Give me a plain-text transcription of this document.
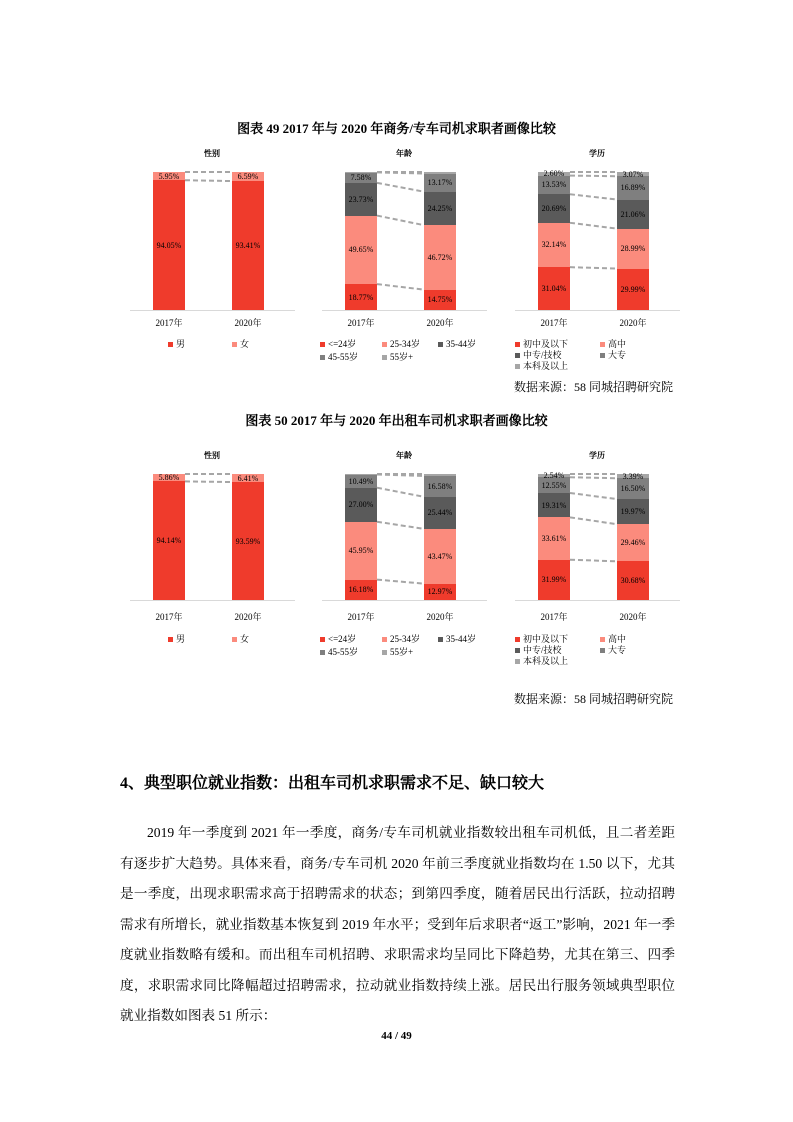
图表 49 2017 年与 2020 年商务/专车司机求职者画像比较
性别
94.05%
5.95%
2017年
93.41%
6.59%
2020年
男	女
年龄
18.77%
49.65%
23.73%
7.58%
2017年
14.75%
46.72%
24.25%
13.17%
2020年
<=24岁	25-34岁	35-44岁
45-55岁	55岁+
学历
31.04%
32.14%
20.69%
13.53%
2.60%
2017年
29.99%
28.99%
21.06%
16.89%
3.07%
2020年
初中及以下	高中
中专/技校	大专
本科及以上
数据来源：58 同城招聘研究院
图表 50 2017 年与 2020 年出租车司机求职者画像比较
性别
94.14%
5.86%
2017年
93.59%
6.41%
2020年
男	女
年龄
16.18%
45.95%
27.00%
10.49%
2017年
12.97%
43.47%
25.44%
16.58%
2020年
<=24岁	25-34岁	35-44岁
45-55岁	55岁+
学历
31.99%
33.61%
19.31%
12.55%
2.54%
2017年
30.68%
29.46%
19.97%
16.50%
3.39%
2020年
初中及以下	高中
中专/技校	大专
本科及以上
数据来源：58 同城招聘研究院
4、典型职位就业指数：出租车司机求职需求不足、缺口较大
2019 年一季度到 2021 年一季度，商务/专车司机就业指数较出租车司机低，且二者差距有逐步扩大趋势。具体来看，商务/专车司机 2020 年前三季度就业指数均在 1.50 以下，尤其是一季度，出现求职需求高于招聘需求的状态；到第四季度，随着居民出行活跃，拉动招聘需求有所增长，就业指数基本恢复到 2019 年水平；受到年后求职者“返工”影响，2021 年一季度就业指数略有缓和。而出租车司机招聘、求职需求均呈同比下降趋势，尤其在第三、四季度，求职需求同比降幅超过招聘需求，拉动就业指数持续上涨。居民出行服务领域典型职位就业指数如图表 51 所示：
44 / 49
